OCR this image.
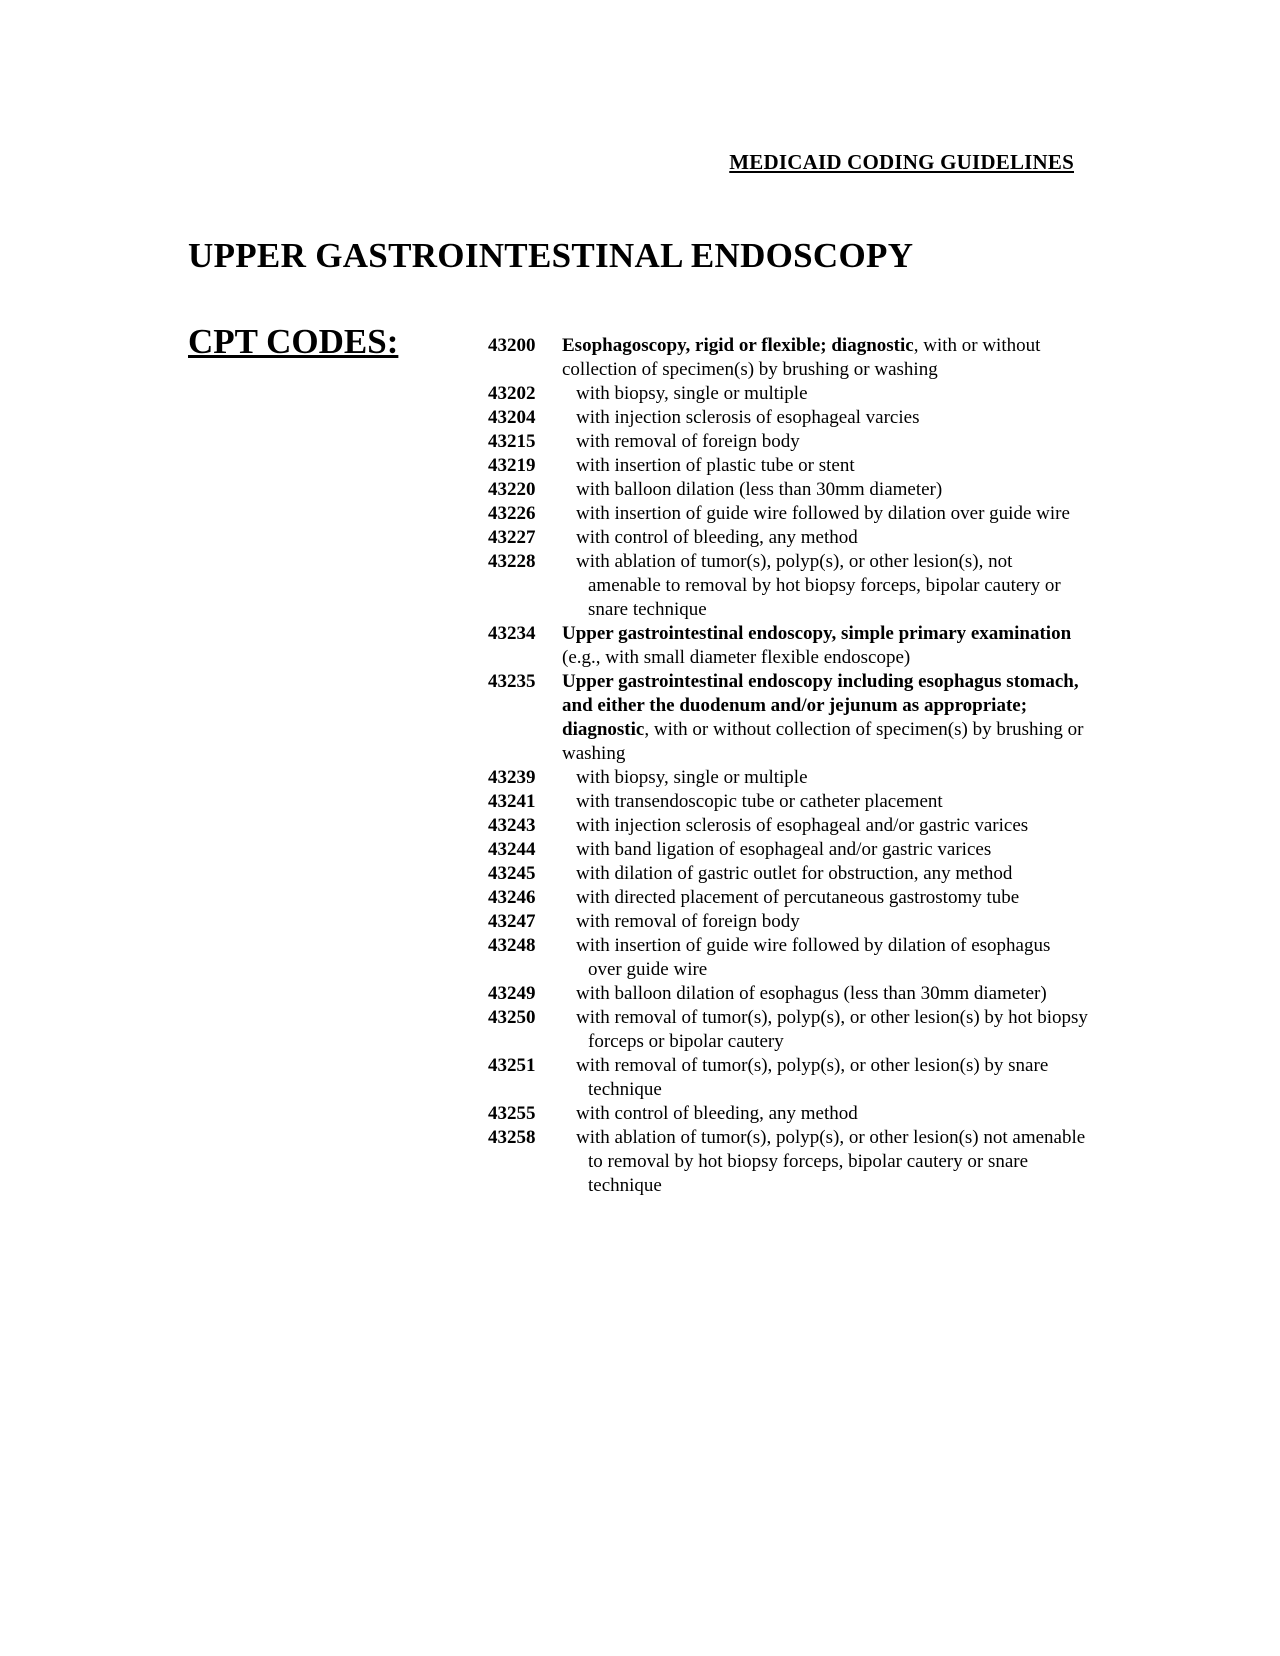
MEDICAID CODING GUIDELINES
UPPER GASTROINTESTINAL ENDOSCOPY
CPT CODES:	43200 Esophagoscopy, rigid or flexible; diagnostic, with or without collection of specimen(s) by brushing or washing
43202	with biopsy, single or multiple
43204	with injection sclerosis of esophageal varcies
43215	with removal of foreign body
43219	with insertion of plastic tube or stent
43220	with balloon dilation (less than 30mm diameter)
43226	with insertion of guide wire followed by dilation over guide wire
43227	with control of bleeding, any method
43228	with ablation of tumor(s), polyp(s), or other lesion(s), not amenable to removal by hot biopsy forceps, bipolar cautery or snare technique
43234 Upper gastrointestinal endoscopy, simple primary examination (e.g., with small diameter flexible endoscope)
43235 Upper gastrointestinal endoscopy including esophagus stomach, and either the duodenum and/or jejunum as appropriate; diagnostic, with or without collection of specimen(s) by brushing or washing
43239	with biopsy, single or multiple
43241	with transendoscopic tube or catheter placement
43243	with injection sclerosis of esophageal and/or gastric varices
43244	with band ligation of esophageal and/or gastric varices
43245	with dilation of gastric outlet for obstruction, any method
43246	with directed placement of percutaneous gastrostomy tube
43247	with removal of foreign body
43248	with insertion of guide wire followed by dilation of esophagus over guide wire
43249	with balloon dilation of esophagus (less than 30mm diameter)
43250	with removal of tumor(s), polyp(s), or other lesion(s) by hot biopsy forceps or bipolar cautery
43251	with removal of tumor(s), polyp(s), or other lesion(s) by snare technique
43255	with control of bleeding, any method
43258	with ablation of tumor(s), polyp(s), or other lesion(s) not amenable to removal by hot biopsy forceps, bipolar cautery or snare technique
